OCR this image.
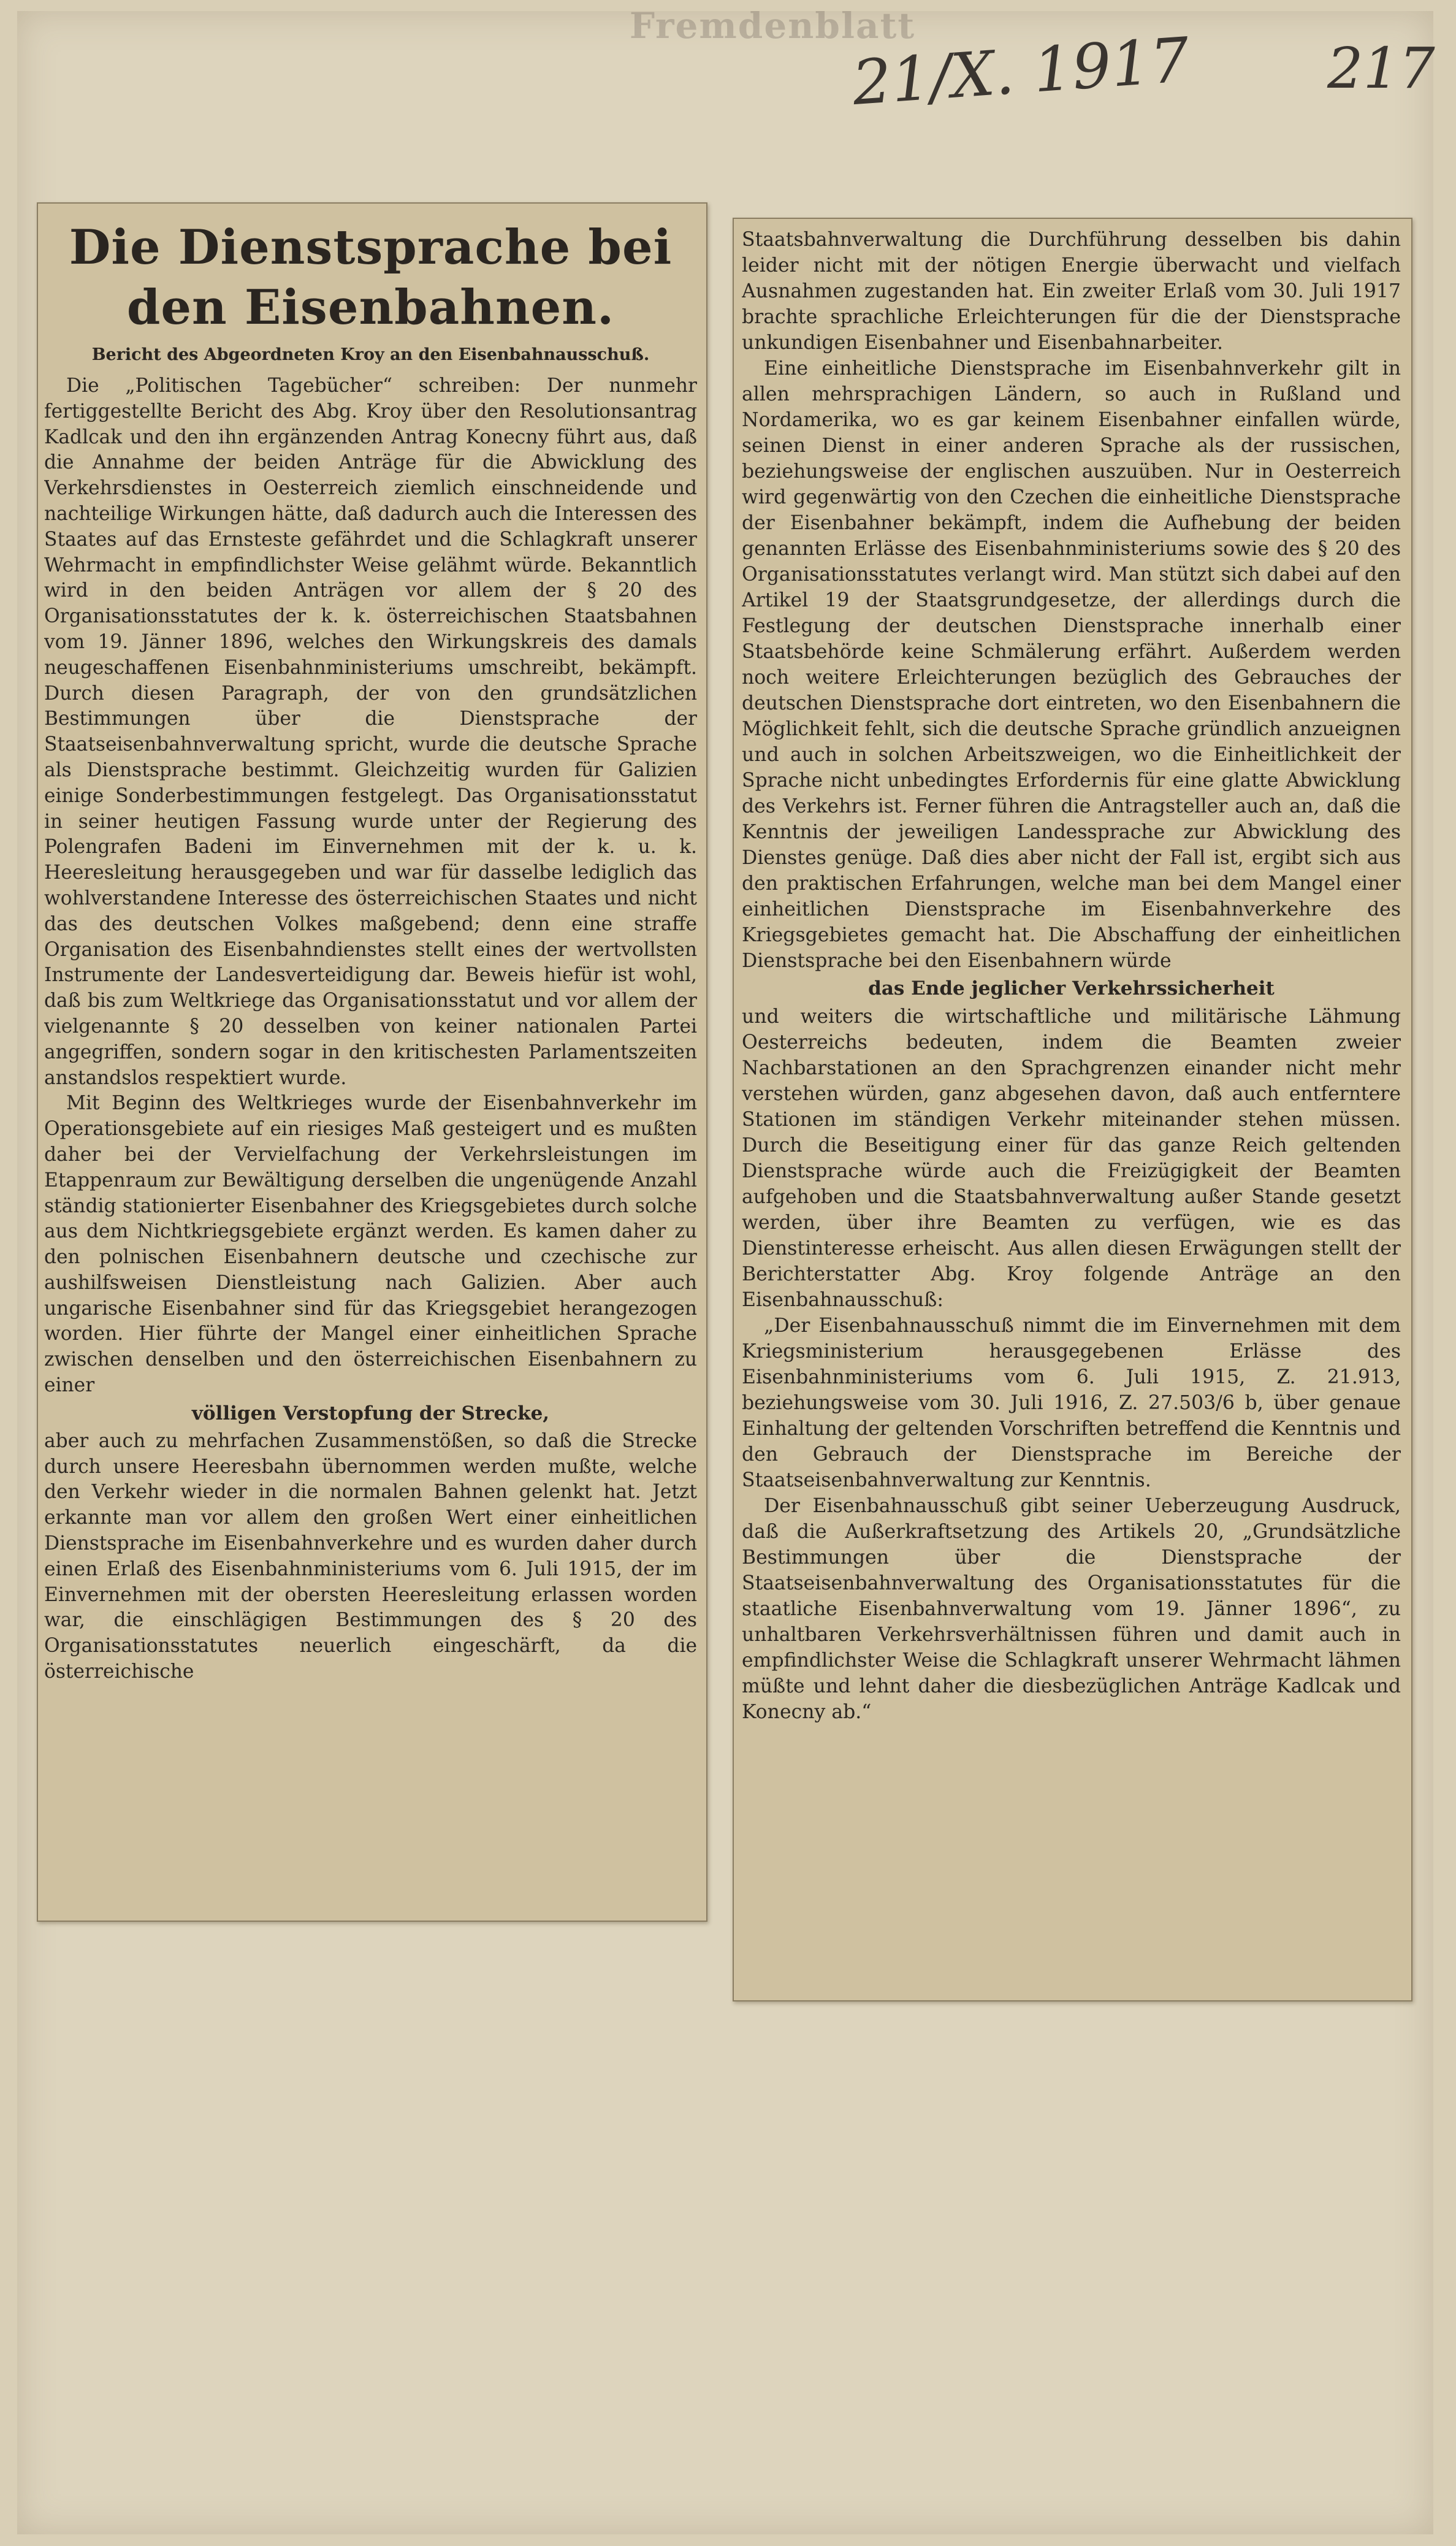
Fremdenblatt
21/X. 1917 217
Die Dienstsprache bei den Eisenbahnen.
Bericht des Abgeordneten Kroy an den Eisenbahnausschuß.

Die „Politischen Tagebücher“ schreiben: Der nunmehr fertiggestellte Bericht des Abg. Kroy über den Resolutionsantrag Kadlcak und den ihn ergänzenden Antrag Konecny führt aus, daß die Annahme der beiden Anträge für die Abwicklung des Verkehrsdienstes in Oesterreich ziemlich einschneidende und nachteilige Wirkungen hätte, daß dadurch auch die Interessen des Staates auf das Ernsteste gefährdet und die Schlagkraft unserer Wehrmacht in empfindlichster Weise gelähmt würde. Bekanntlich wird in den beiden Anträgen vor allem der § 20 des Organisationsstatutes der k. k. österreichischen Staatsbahnen vom 19. Jänner 1896, welches den Wirkungskreis des damals neugeschaffenen Eisenbahnministeriums umschreibt, bekämpft. Durch diesen Paragraph, der von den grundsätzlichen Bestimmungen über die Dienstsprache der Staatseisenbahnverwaltung spricht, wurde die deutsche Sprache als Dienstsprache bestimmt. Gleichzeitig wurden für Galizien einige Sonderbestimmungen festgelegt. Das Organisationsstatut in seiner heutigen Fassung wurde unter der Regierung des Polengrafen Badeni im Einvernehmen mit der k. u. k. Heeresleitung herausgegeben und war für dasselbe lediglich das wohlverstandene Interesse des österreichischen Staates und nicht das des deutschen Volkes maßgebend; denn eine straffe Organisation des Eisenbahndienstes stellt eines der wertvollsten Instrumente der Landesverteidigung dar. Beweis hiefür ist wohl, daß bis zum Weltkriege das Organisationsstatut und vor allem der vielgenannte § 20 desselben von keiner nationalen Partei angegriffen, sondern sogar in den kritischesten Parlamentszeiten anstandslos respektiert wurde.

Mit Beginn des Weltkrieges wurde der Eisenbahnverkehr im Operationsgebiete auf ein riesiges Maß gesteigert und es mußten daher bei der Vervielfachung der Verkehrsleistungen im Etappenraum zur Bewältigung derselben die ungenügende Anzahl ständig stationierter Eisenbahner des Kriegsgebietes durch solche aus dem Nichtkriegsgebiete ergänzt werden. Es kamen daher zu den polnischen Eisenbahnern deutsche und czechische zur aushilfsweisen Dienstleistung nach Galizien. Aber auch ungarische Eisenbahner sind für das Kriegsgebiet herangezogen worden. Hier führte der Mangel einer einheitlichen Sprache zwischen denselben und den österreichischen Eisenbahnern zu einer

völligen Verstopfung der Strecke,

aber auch zu mehrfachen Zusammenstößen, so daß die Strecke durch unsere Heeresbahn übernommen werden mußte, welche den Verkehr wieder in die normalen Bahnen gelenkt hat. Jetzt erkannte man vor allem den großen Wert einer einheitlichen Dienstsprache im Eisenbahnverkehre und es wurden daher durch einen Erlaß des Eisenbahnministeriums vom 6. Juli 1915, der im Einvernehmen mit der obersten Heeresleitung erlassen worden war, die einschlägigen Bestimmungen des § 20 des Organisationsstatutes neuerlich eingeschärft, da die österreichische

Staatsbahnverwaltung die Durchführung desselben bis dahin leider nicht mit der nötigen Energie überwacht und vielfach Ausnahmen zugestanden hat. Ein zweiter Erlaß vom 30. Juli 1917 brachte sprachliche Erleichterungen für die der Dienstsprache unkundigen Eisenbahner und Eisenbahnarbeiter.

Eine einheitliche Dienstsprache im Eisenbahnverkehr gilt in allen mehrsprachigen Ländern, so auch in Rußland und Nordamerika, wo es gar keinem Eisenbahner einfallen würde, seinen Dienst in einer anderen Sprache als der russischen, beziehungsweise der englischen auszuüben. Nur in Oesterreich wird gegenwärtig von den Czechen die einheitliche Dienstsprache der Eisenbahner bekämpft, indem die Aufhebung der beiden genannten Erlässe des Eisenbahnministeriums sowie des § 20 des Organisationsstatutes verlangt wird. Man stützt sich dabei auf den Artikel 19 der Staatsgrundgesetze, der allerdings durch die Festlegung der deutschen Dienstsprache innerhalb einer Staatsbehörde keine Schmälerung erfährt. Außerdem werden noch weitere Erleichterungen bezüglich des Gebrauches der deutschen Dienstsprache dort eintreten, wo den Eisenbahnern die Möglichkeit fehlt, sich die deutsche Sprache gründlich anzueignen und auch in solchen Arbeitszweigen, wo die Einheitlichkeit der Sprache nicht unbedingtes Erfordernis für eine glatte Abwicklung des Verkehrs ist. Ferner führen die Antragsteller auch an, daß die Kenntnis der jeweiligen Landessprache zur Abwicklung des Dienstes genüge. Daß dies aber nicht der Fall ist, ergibt sich aus den praktischen Erfahrungen, welche man bei dem Mangel einer einheitlichen Dienstsprache im Eisenbahnverkehre des Kriegsgebietes gemacht hat. Die Abschaffung der einheitlichen Dienstsprache bei den Eisenbahnern würde

das Ende jeglicher Verkehrssicherheit

und weiters die wirtschaftliche und militärische Lähmung Oesterreichs bedeuten, indem die Beamten zweier Nachbarstationen an den Sprachgrenzen einander nicht mehr verstehen würden, ganz abgesehen davon, daß auch entferntere Stationen im ständigen Verkehr miteinander stehen müssen. Durch die Beseitigung einer für das ganze Reich geltenden Dienstsprache würde auch die Freizügigkeit der Beamten aufgehoben und die Staatsbahnverwaltung außer Stande gesetzt werden, über ihre Beamten zu verfügen, wie es das Dienstinteresse erheischt. Aus allen diesen Erwägungen stellt der Berichterstatter Abg. Kroy folgende Anträge an den Eisenbahnausschuß:

„Der Eisenbahnausschuß nimmt die im Einvernehmen mit dem Kriegsministerium herausgegebenen Erlässe des Eisenbahnministeriums vom 6. Juli 1915, Z. 21.913, beziehungsweise vom 30. Juli 1916, Z. 27.503/6 b, über genaue Einhaltung der geltenden Vorschriften betreffend die Kenntnis und den Gebrauch der Dienstsprache im Bereiche der Staatseisenbahnverwaltung zur Kenntnis.

Der Eisenbahnausschuß gibt seiner Ueberzeugung Ausdruck, daß die Außerkraftsetzung des Artikels 20, „Grundsätzliche Bestimmungen über die Dienstsprache der Staatseisenbahnverwaltung des Organisationsstatutes für die staatliche Eisenbahnverwaltung vom 19. Jänner 1896“, zu unhaltbaren Verkehrsverhältnissen führen und damit auch in empfindlichster Weise die Schlagkraft unserer Wehrmacht lähmen müßte und lehnt daher die diesbezüglichen Anträge Kadlcak und Konecny ab.“
